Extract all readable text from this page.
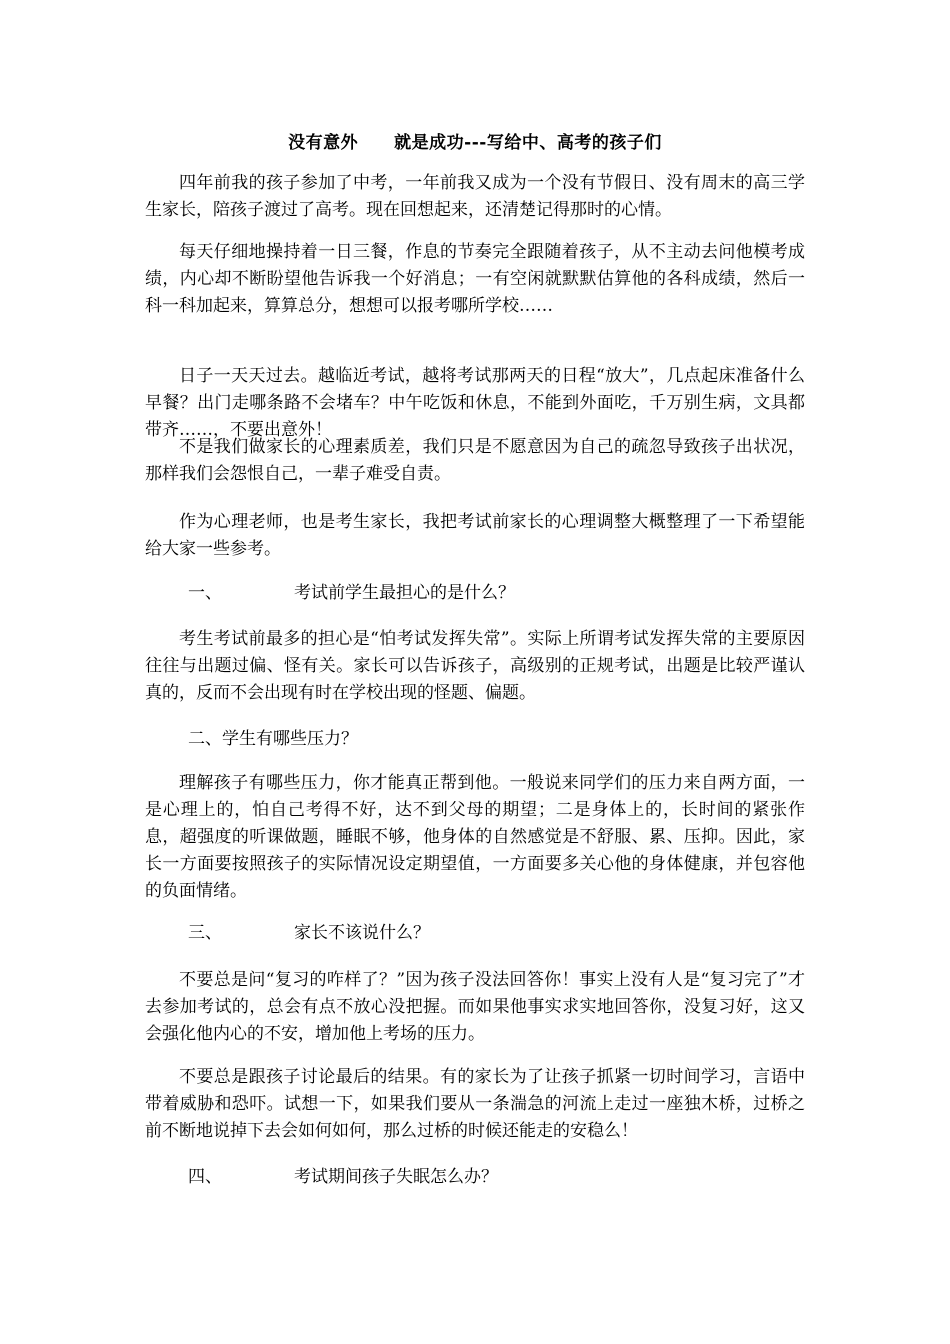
没有意外 就是成功---写给中、高考的孩子们

四年前我的孩子参加了中考，一年前我又成为一个没有节假日、没有周末的高三学生家长，陪孩子渡过了高考。现在回想起来，还清楚记得那时的心情。

每天仔细地操持着一日三餐，作息的节奏完全跟随着孩子，从不主动去问他模考成绩，内心却不断盼望他告诉我一个好消息；一有空闲就默默估算他的各科成绩，然后一科一科加起来，算算总分，想想可以报考哪所学校……

日子一天天过去。越临近考试，越将考试那两天的日程“放大”，几点起床准备什么早餐？出门走哪条路不会堵车？中午吃饭和休息，不能到外面吃，千万别生病，文具都带齐……，不要出意外！

不是我们做家长的心理素质差，我们只是不愿意因为自己的疏忽导致孩子出状况，那样我们会怨恨自己，一辈子难受自责。

作为心理老师，也是考生家长，我把考试前家长的心理调整大概整理了一下希望能给大家一些参考。

一、	考试前学生最担心的是什么？

考生考试前最多的担心是“怕考试发挥失常”。实际上所谓考试发挥失常的主要原因往往与出题过偏、怪有关。家长可以告诉孩子，高级别的正规考试，出题是比较严谨认真的，反而不会出现有时在学校出现的怪题、偏题。

二、学生有哪些压力？

理解孩子有哪些压力，你才能真正帮到他。一般说来同学们的压力来自两方面，一是心理上的，怕自己考得不好，达不到父母的期望；二是身体上的，长时间的紧张作息，超强度的听课做题，睡眠不够，他身体的自然感觉是不舒服、累、压抑。因此，家长一方面要按照孩子的实际情况设定期望值，一方面要多关心他的身体健康，并包容他的负面情绪。

三、	家长不该说什么？

不要总是问“复习的咋样了？”因为孩子没法回答你！事实上没有人是“复习完了”才去参加考试的，总会有点不放心没把握。而如果他事实求实地回答你，没复习好，这又会强化他内心的不安，增加他上考场的压力。

不要总是跟孩子讨论最后的结果。有的家长为了让孩子抓紧一切时间学习，言语中带着威胁和恐吓。试想一下，如果我们要从一条湍急的河流上走过一座独木桥，过桥之前不断地说掉下去会如何如何，那么过桥的时候还能走的安稳么！

四、	考试期间孩子失眠怎么办？
